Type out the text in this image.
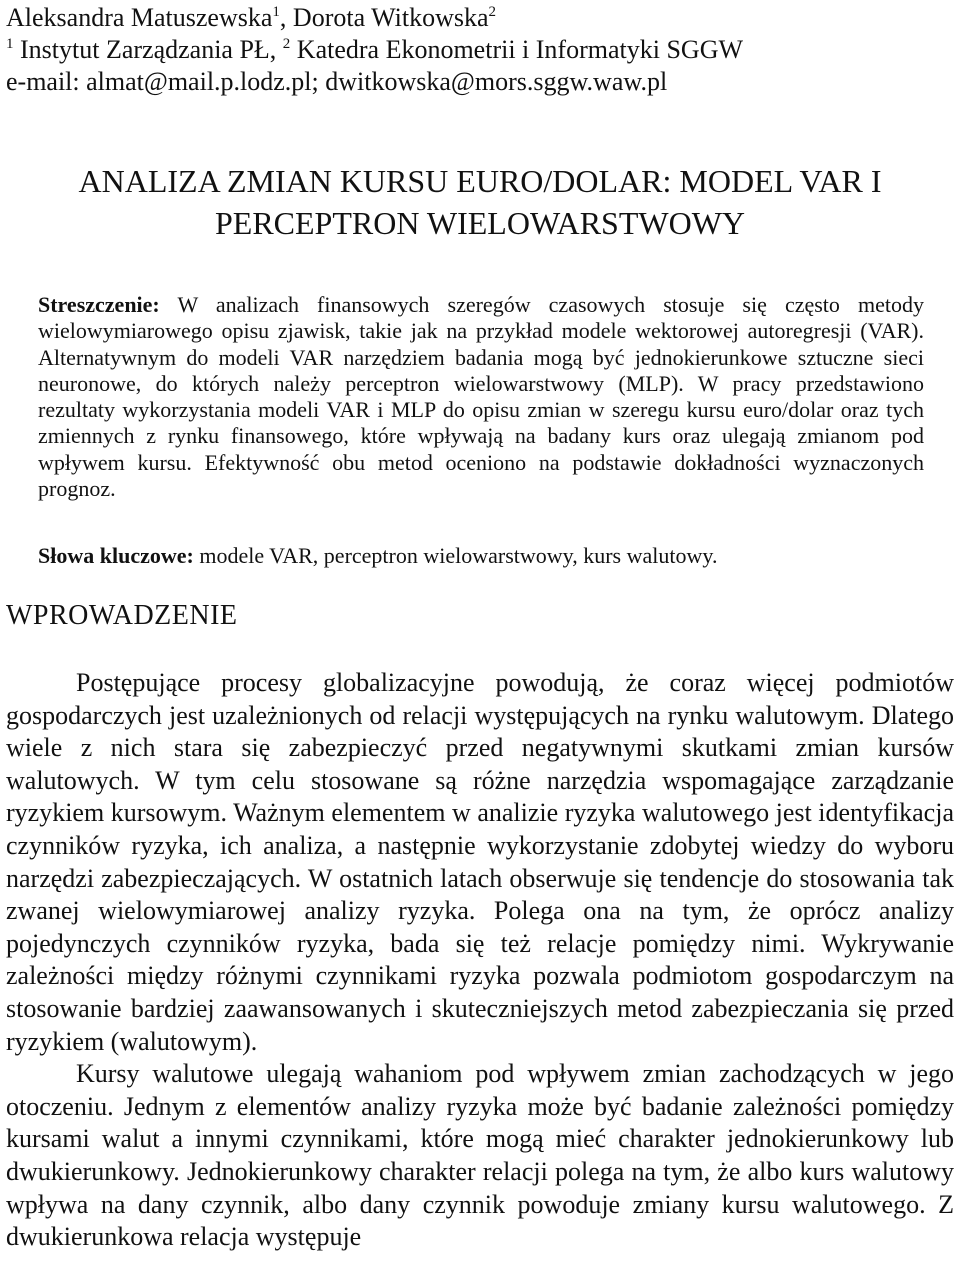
Aleksandra Matuszewska$^1$, Dorota Witkowska$^2$
$^1$ Instytut Zarządzania PŁ, $^2$ Katedra Ekonometrii i Informatyki SGGW
e-mail: almat@mail.p.lodz.pl; dwitkowska@mors.sggw.waw.pl
ANALIZA ZMIAN KURSU EURO/DOLAR: MODEL VAR I
PERCEPTRON WIELOWARSTWOWY
Streszczenie: W analizach finansowych szeregów czasowych stosuje się często metody wielowymiarowego opisu zjawisk, takie jak na przykład modele wektorowej autoregresji (VAR). Alternatywnym do modeli VAR narzędziem badania mogą być jednokierunkowe sztuczne sieci neuronowe, do których należy perceptron wielowarstwowy (MLP). W pracy przedstawiono rezultaty wykorzystania modeli VAR i MLP do opisu zmian w szeregu kursu euro/dolar oraz tych zmiennych z rynku finansowego, które wpływają na badany kurs oraz ulegają zmianom pod wpływem kursu. Efektywność obu metod oceniono na podstawie dokładności wyznaczonych prognoz.
Słowa kluczowe: modele VAR, perceptron wielowarstwowy, kurs walutowy.
WPROWADZENIE

Postępujące procesy globalizacyjne powodują, że coraz więcej podmiotów gospodarczych jest uzależnionych od relacji występujących na rynku walutowym. Dlatego wiele z nich stara się zabezpieczyć przed negatywnymi skutkami zmian kursów walutowych. W tym celu stosowane są różne narzędzia wspomagające zarządzanie ryzykiem kursowym. Ważnym elementem w analizie ryzyka walutowego jest identyfikacja czynników ryzyka, ich analiza, a następnie wykorzystanie zdobytej wiedzy do wyboru narzędzi zabezpieczających. W ostatnich latach obserwuje się tendencje do stosowania tak zwanej wielowymiarowej analizy ryzyka. Polega ona na tym, że oprócz analizy pojedynczych czynników ryzyka, bada się też relacje pomiędzy nimi. Wykrywanie zależności między różnymi czynnikami ryzyka pozwala podmiotom gospodarczym na stosowanie bardziej zaawansowanych i skuteczniejszych metod zabezpieczania się przed ryzykiem (walutowym).

Kursy walutowe ulegają wahaniom pod wpływem zmian zachodzących w jego otoczeniu. Jednym z elementów analizy ryzyka może być badanie zależności pomiędzy kursami walut a innymi czynnikami, które mogą mieć charakter jednokierunkowy lub dwukierunkowy. Jednokierunkowy charakter relacji polega na tym, że albo kurs walutowy wpływa na dany czynnik, albo dany czynnik powoduje zmiany kursu walutowego. Z dwukierunkowa relacja występuje
